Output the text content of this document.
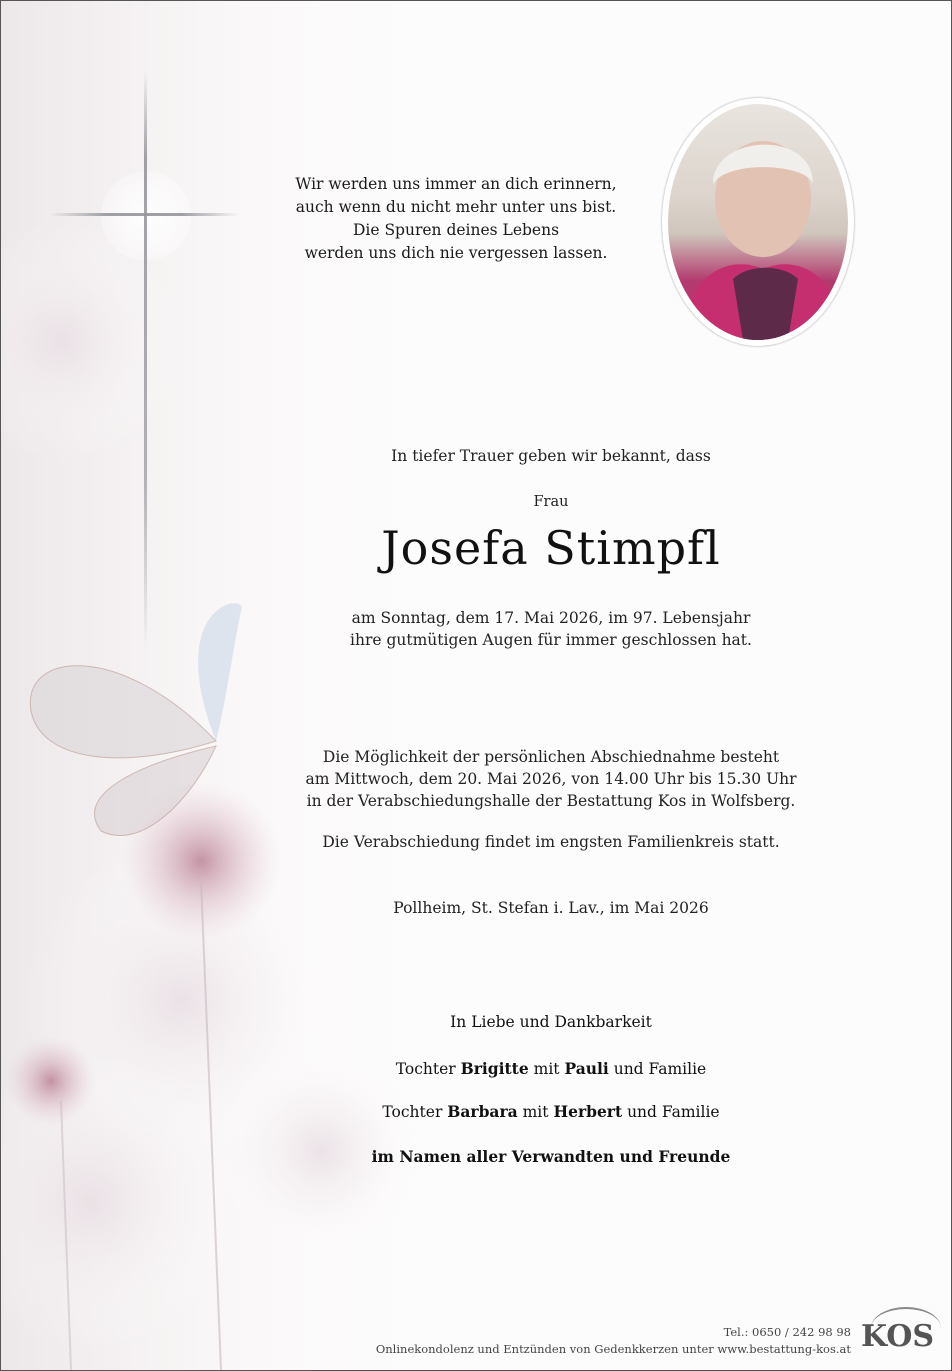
Wir werden uns immer an dich erinnern,
auch wenn du nicht mehr unter uns bist.
Die Spuren deines Lebens
werden uns dich nie vergessen lassen.
In tiefer Trauer geben wir bekannt, dass
Frau
Josefa Stimpfl
am Sonntag, dem 17. Mai 2026, im 97. Lebensjahr
ihre gutmütigen Augen für immer geschlossen hat.
Die Möglichkeit der persönlichen Abschiednahme besteht
am Mittwoch, dem 20. Mai 2026, von 14.00 Uhr bis 15.30 Uhr
in der Verabschiedungshalle der Bestattung Kos in Wolfsberg.
Die Verabschiedung findet im engsten Familienkreis statt.
Pollheim, St. Stefan i. Lav., im Mai 2026
In Liebe und Dankbarkeit
Tochter Brigitte mit Pauli und Familie
Tochter Barbara mit Herbert und Familie
im Namen aller Verwandten und Freunde
Tel.: 0650 / 242 98 98
Onlinekondolenz und Entzünden von Gedenkkerzen unter www.bestattung-kos.at KOS
